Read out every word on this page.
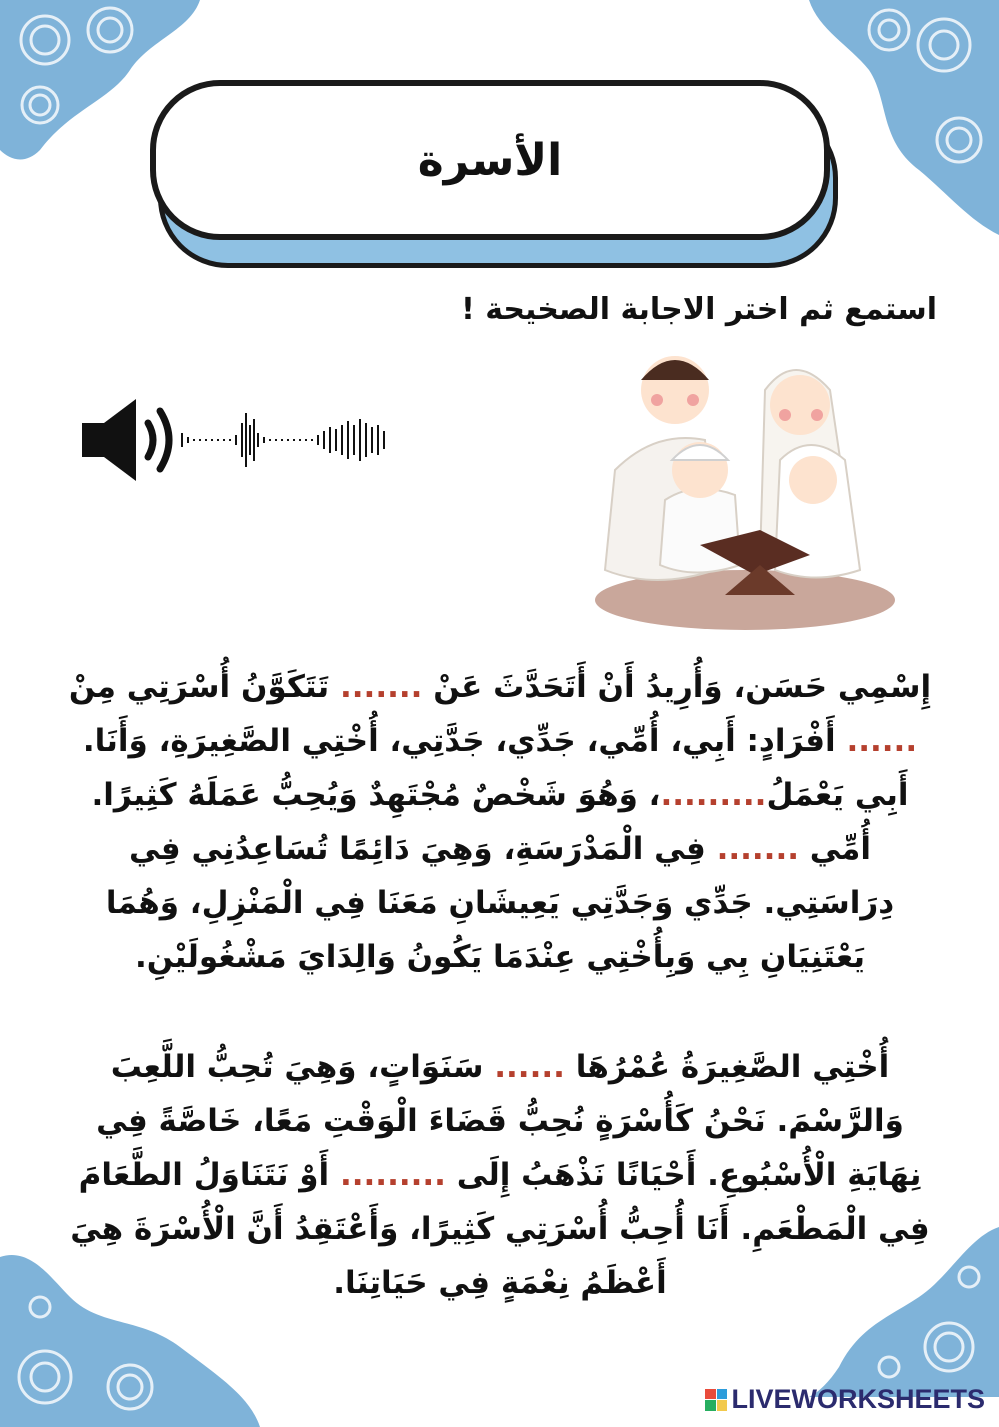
الأسرة
استمع ثم اختر الاجابة الصخيحة !
إِسْمِي حَسَن، وَأُرِيدُ أَنْ أَتَحَدَّثَ عَنْ ....... تَتَكَوَّنُ أُسْرَتِي مِنْ ...... أَفْرَادٍ: أَبِي، أُمِّي، جَدِّي، جَدَّتِي، أُخْتِي الصَّغِيرَةِ، وَأَنَا. أَبِي يَعْمَلُ.........، وَهُوَ شَخْصٌ مُجْتَهِدٌ وَيُحِبُّ عَمَلَهُ كَثِيرًا. أُمِّي ....... فِي الْمَدْرَسَةِ، وَهِيَ دَائِمًا تُسَاعِدُنِي فِي دِرَاسَتِي. جَدِّي وَجَدَّتِي يَعِيشَانِ مَعَنَا فِي الْمَنْزِلِ، وَهُمَا يَعْتَنِيَانِ بِي وَبِأُخْتِي عِنْدَمَا يَكُونُ وَالِدَايَ مَشْغُولَيْنِ.
أُخْتِي الصَّغِيرَةُ عُمْرُهَا ...... سَنَوَاتٍ، وَهِيَ تُحِبُّ اللَّعِبَ وَالرَّسْمَ. نَحْنُ كَأُسْرَةٍ نُحِبُّ قَضَاءَ الْوَقْتِ مَعًا، خَاصَّةً فِي نِهَايَةِ الْأُسْبُوعِ. أَحْيَانًا نَذْهَبُ إِلَى ......... أَوْ نَتَنَاوَلُ الطَّعَامَ فِي الْمَطْعَمِ. أَنَا أُحِبُّ أُسْرَتِي كَثِيرًا، وَأَعْتَقِدُ أَنَّ الْأُسْرَةَ هِيَ أَعْظَمُ نِعْمَةٍ فِي حَيَاتِنَا.
LIVEWORKSHEETS
